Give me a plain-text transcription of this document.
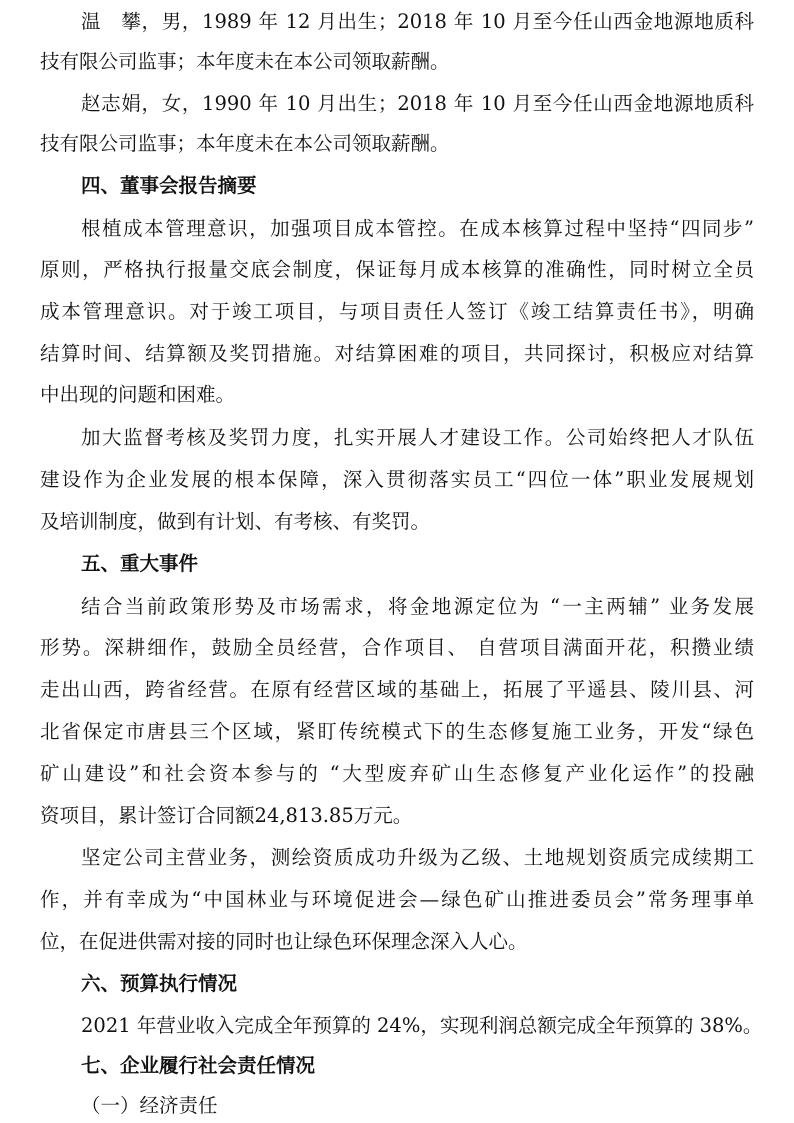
温　攀，男，1989 年 12 月出生；2018 年 10 月至今任山西金地源地质科
技有限公司监事；本年度未在本公司领取薪酬。
赵志娟，女，1990 年 10 月出生；2018 年 10 月至今任山西金地源地质科
技有限公司监事；本年度未在本公司领取薪酬。
四、董事会报告摘要
根植成本管理意识，加强项目成本管控。在成本核算过程中坚持“四同步”
原则，严格执行报量交底会制度，保证每月成本核算的准确性，同时树立全员
成本管理意识。对于竣工项目，与项目责任人签订《竣工结算责任书》，明确
结算时间、结算额及奖罚措施。对结算困难的项目，共同探讨，积极应对结算
中出现的问题和困难。
加大监督考核及奖罚力度，扎实开展人才建设工作。公司始终把人才队伍
建设作为企业发展的根本保障，深入贯彻落实员工“四位一体”职业发展规划
及培训制度，做到有计划、有考核、有奖罚。
五、重大事件
结合当前政策形势及市场需求，将金地源定位为 “一主两辅” 业务发展
形势。深耕细作，鼓励全员经营，合作项目、 自营项目满面开花，积攒业绩
走出山西，跨省经营。在原有经营区域的基础上，拓展了平遥县、陵川县、河
北省保定市唐县三个区域，紧盯传统模式下的生态修复施工业务，开发“绿色
矿山建设”和社会资本参与的 “大型废弃矿山生态修复产业化运作”的投融
资项目，累计签订合同额24,813.85万元。
坚定公司主营业务，测绘资质成功升级为乙级、土地规划资质完成续期工
作，并有幸成为“中国林业与环境促进会—绿色矿山推进委员会”常务理事单
位，在促进供需对接的同时也让绿色环保理念深入人心。
六、预算执行情况
2021 年营业收入完成全年预算的 24%，实现利润总额完成全年预算的 38%。
七、企业履行社会责任情况
（一）经济责任
